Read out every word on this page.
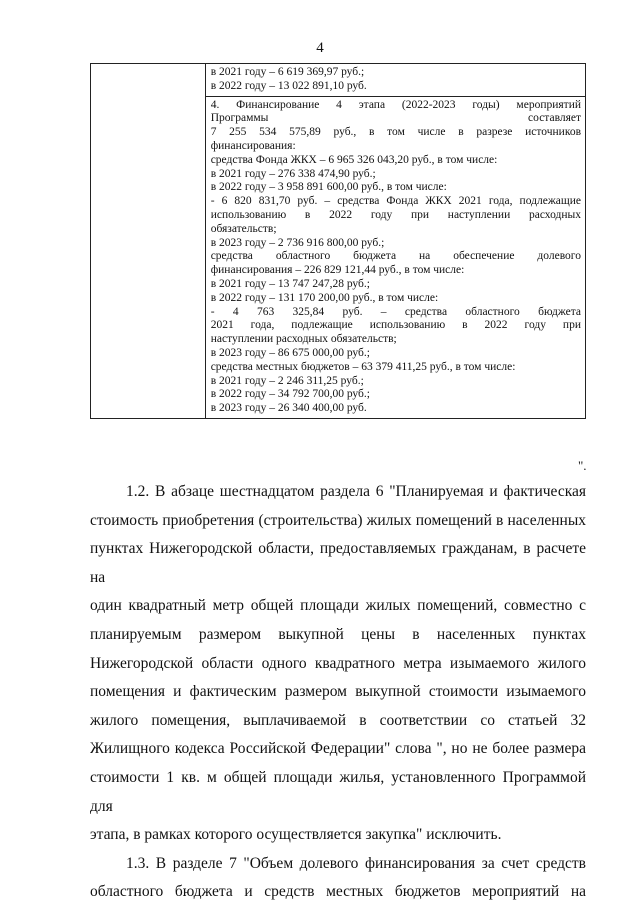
4

в 2021 году – 6 619 369,97 руб.;

в 2022 году – 13 022 891,10 руб.

4. Финансирование 4 этапа (2022-2023 годы) мероприятий

Программы составляет

7 255 534 575,89 руб., в том числе в разрезе источников

финансирования:

средства Фонда ЖКХ – 6 965 326 043,20 руб., в том числе:

в 2021 году – 276 338 474,90 руб.;

в 2022 году – 3 958 891 600,00 руб., в том числе:

- 6 820 831,70 руб. – средства Фонда ЖКХ 2021 года, подлежащие

использованию в 2022 году при наступлении расходных

обязательств;

в 2023 году – 2 736 916 800,00 руб.;

средства областного бюджета на обеспечение долевого

финансирования – 226 829 121,44 руб., в том числе:

в 2021 году – 13 747 247,28 руб.;

в 2022 году – 131 170 200,00 руб., в том числе:

- 4 763 325,84 руб. – средства областного бюджета

2021 года, подлежащие использованию в 2022 году при

наступлении расходных обязательств;

в 2023 году – 86 675 000,00 руб.;

средства местных бюджетов – 63 379 411,25 руб., в том числе:

в 2021 году – 2 246 311,25 руб.;

в 2022 году – 34 792 700,00 руб.;

в 2023 году – 26 340 400,00 руб.

".

1.2. В абзаце шестнадцатом раздела 6 "Планируемая и фактическая

стоимость приобретения (строительства) жилых помещений в населенных

пунктах Нижегородской области, предоставляемых гражданам, в расчете на

один квадратный метр общей площади жилых помещений, совместно с

планируемым размером выкупной цены в населенных пунктах

Нижегородской области одного квадратного метра изымаемого жилого

помещения и фактическим размером выкупной стоимости изымаемого

жилого помещения, выплачиваемой в соответствии со статьей 32

Жилищного кодекса Российской Федерации" слова ", но не более размера

стоимости 1 кв. м общей площади жилья, установленного Программой для

этапа, в рамках которого осуществляется закупка" исключить.

1.3. В разделе 7 "Объем долевого финансирования за счет средств

областного бюджета и средств местных бюджетов мероприятий на
